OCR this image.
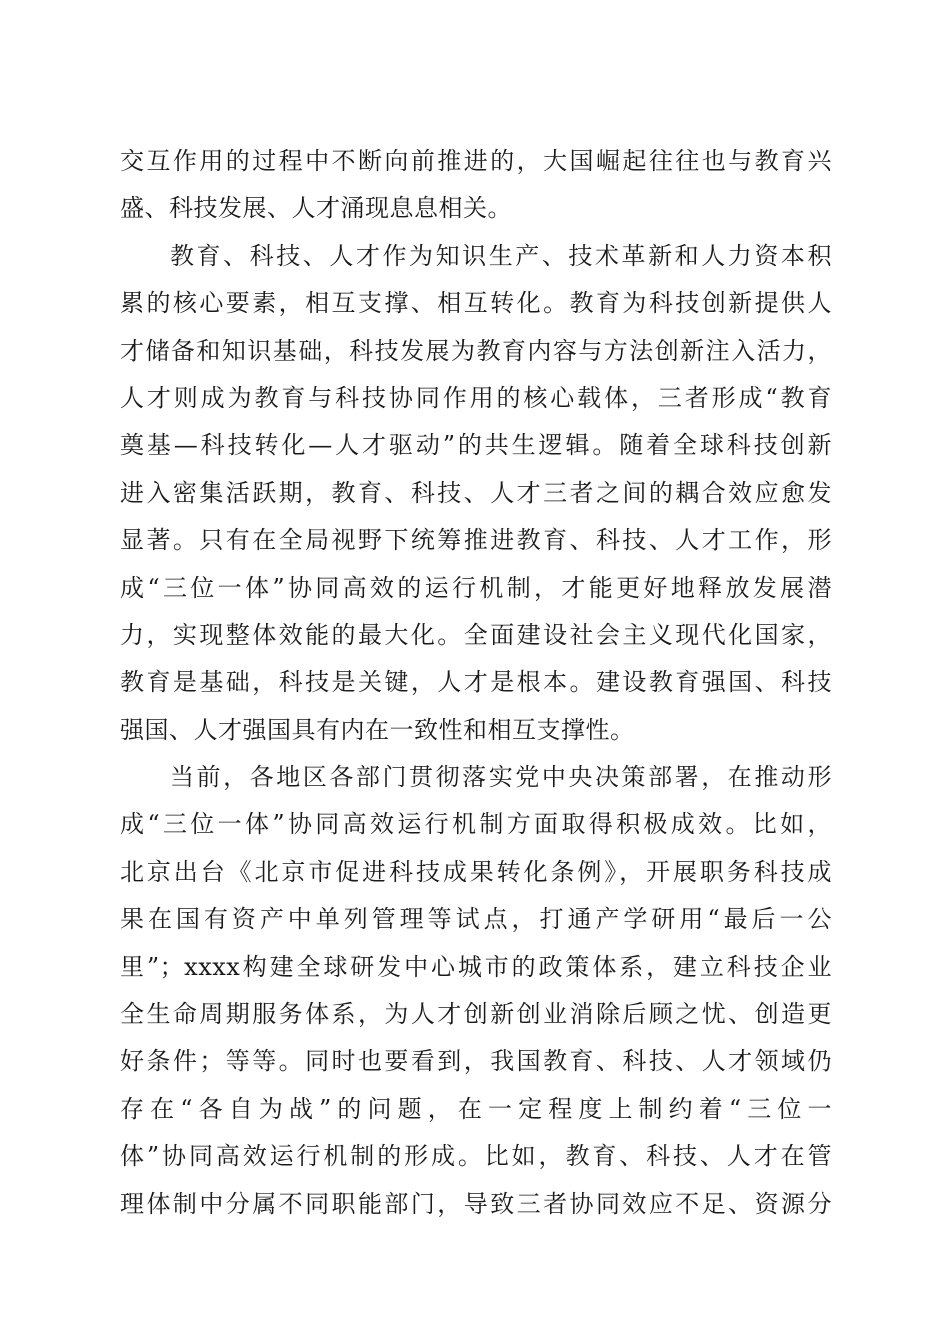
交互作用的过程中不断向前推进的，大国崛起往往也与教育兴
盛、科技发展、人才涌现息息相关。
教育、科技、人才作为知识生产、技术革新和人力资本积
累的核心要素，相互支撑、相互转化。教育为科技创新提供人
才储备和知识基础，科技发展为教育内容与方法创新注入活力，
人才则成为教育与科技协同作用的核心载体，三者形成“教育
奠基—科技转化—人才驱动”的共生逻辑。随着全球科技创新
进入密集活跃期，教育、科技、人才三者之间的耦合效应愈发
显著。只有在全局视野下统筹推进教育、科技、人才工作，形
成“三位一体”协同高效的运行机制，才能更好地释放发展潜
力，实现整体效能的最大化。全面建设社会主义现代化国家，
教育是基础，科技是关键，人才是根本。建设教育强国、科技
强国、人才强国具有内在一致性和相互支撑性。
当前，各地区各部门贯彻落实党中央决策部署，在推动形
成“三位一体”协同高效运行机制方面取得积极成效。比如，
北京出台《北京市促进科技成果转化条例》，开展职务科技成
果在国有资产中单列管理等试点，打通产学研用“最后一公
里”；xxxx构建全球研发中心城市的政策体系，建立科技企业
全生命周期服务体系，为人才创新创业消除后顾之忧、创造更
好条件；等等。同时也要看到，我国教育、科技、人才领域仍
存在“各自为战”的问题，在一定程度上制约着“三位一
体”协同高效运行机制的形成。比如，教育、科技、人才在管
理体制中分属不同职能部门，导致三者协同效应不足、资源分
